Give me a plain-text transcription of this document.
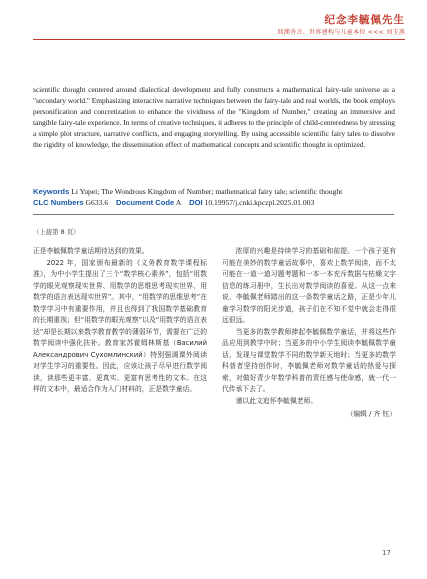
纪念李毓佩先生
回溯善言、世界建构与儿童本位 <<< 刘玉燕
scientific thought centered around dialectical development and fully constructs a mathematical fairy-tale universe as a "secondary world." Emphasizing interactive narrative techniques between the fairy-tale and real worlds, the book employs personification and concretization to enhance the vividness of the "Kingdom of Number," creating an immersive and tangible fairy-tale experience. In terms of creative techniques, it adheres to the principle of child-centeredness by stressing a simple plot structure, narrative conflicts, and engaging storytelling. By using accessible scientific fairy tales to dissolve the rigidity of knowledge, the dissemination effect of mathematical concepts and scientific thought is optimized.
Keywords Li Yupei; The Wondrous Kingdom of Number; mathematical fairy tale; scientific thought
CLC Numbers G633.6 Document Code A DOI 10.19957/j.cnki.kpczpl.2025.01.003
（上接第 8 页）

正是李毓佩数学童话期待达到的效果。

2022 年，国家颁布最新的《义务教育数学课程标准》，为中小学生提出了三个“数学核心素养”，包括“用数学的眼光观察现实世界、用数学的思维思考现实世界、用数学的语言表达现实世界”。其中，“用数学的思维思考”在数学学习中有重要作用，并且也得到了我国数学基础教育的长期重视；但“用数学的眼光观察”以及“用数学的语言表达”却是长期以来数学教育教学的薄弱环节，需要在广泛的数学阅读中强化扶补。教育家苏霍姆林斯基（Василий Александрович Сухомлинский）特别强调课外阅读对学生学习的重要性。因此，应该让孩子尽早进行数学阅读，读那些更丰富、更真实、更富有思考性的文本。在这样的文本中，最适合作为入门材料的，正是数学童话。

浓厚的兴趣是持续学习的基础和前提。一个孩子更有可能在美妙的数学童话故事中，喜欢上数学阅读，而不太可能在一道一道习题考题和一本一本充斥数据与枯燥文字信息的练习册中，生长出对数学阅读的喜爱。从这一点来说，李毓佩老师踏出的这一条数学童话之路，正是少年儿童学习数学的阳光步道，孩子们在不知不觉中就会走得很远很远。

当更多的数学教师捧起李毓佩数学童话，并将这些作品应用到教学中时；当更多的中小学生阅读李毓佩数学童话，发现与课堂数学不同的数学新天地时；当更多的数学科普者坚持创作时，李毓佩老师对数学童话的热爱与探索，对做好青少年数学科普的责任感与使命感，就一代一代传承下去了。

谨以此文追怀李毓佩老师。

（编辑 / 齐 钰）

17
